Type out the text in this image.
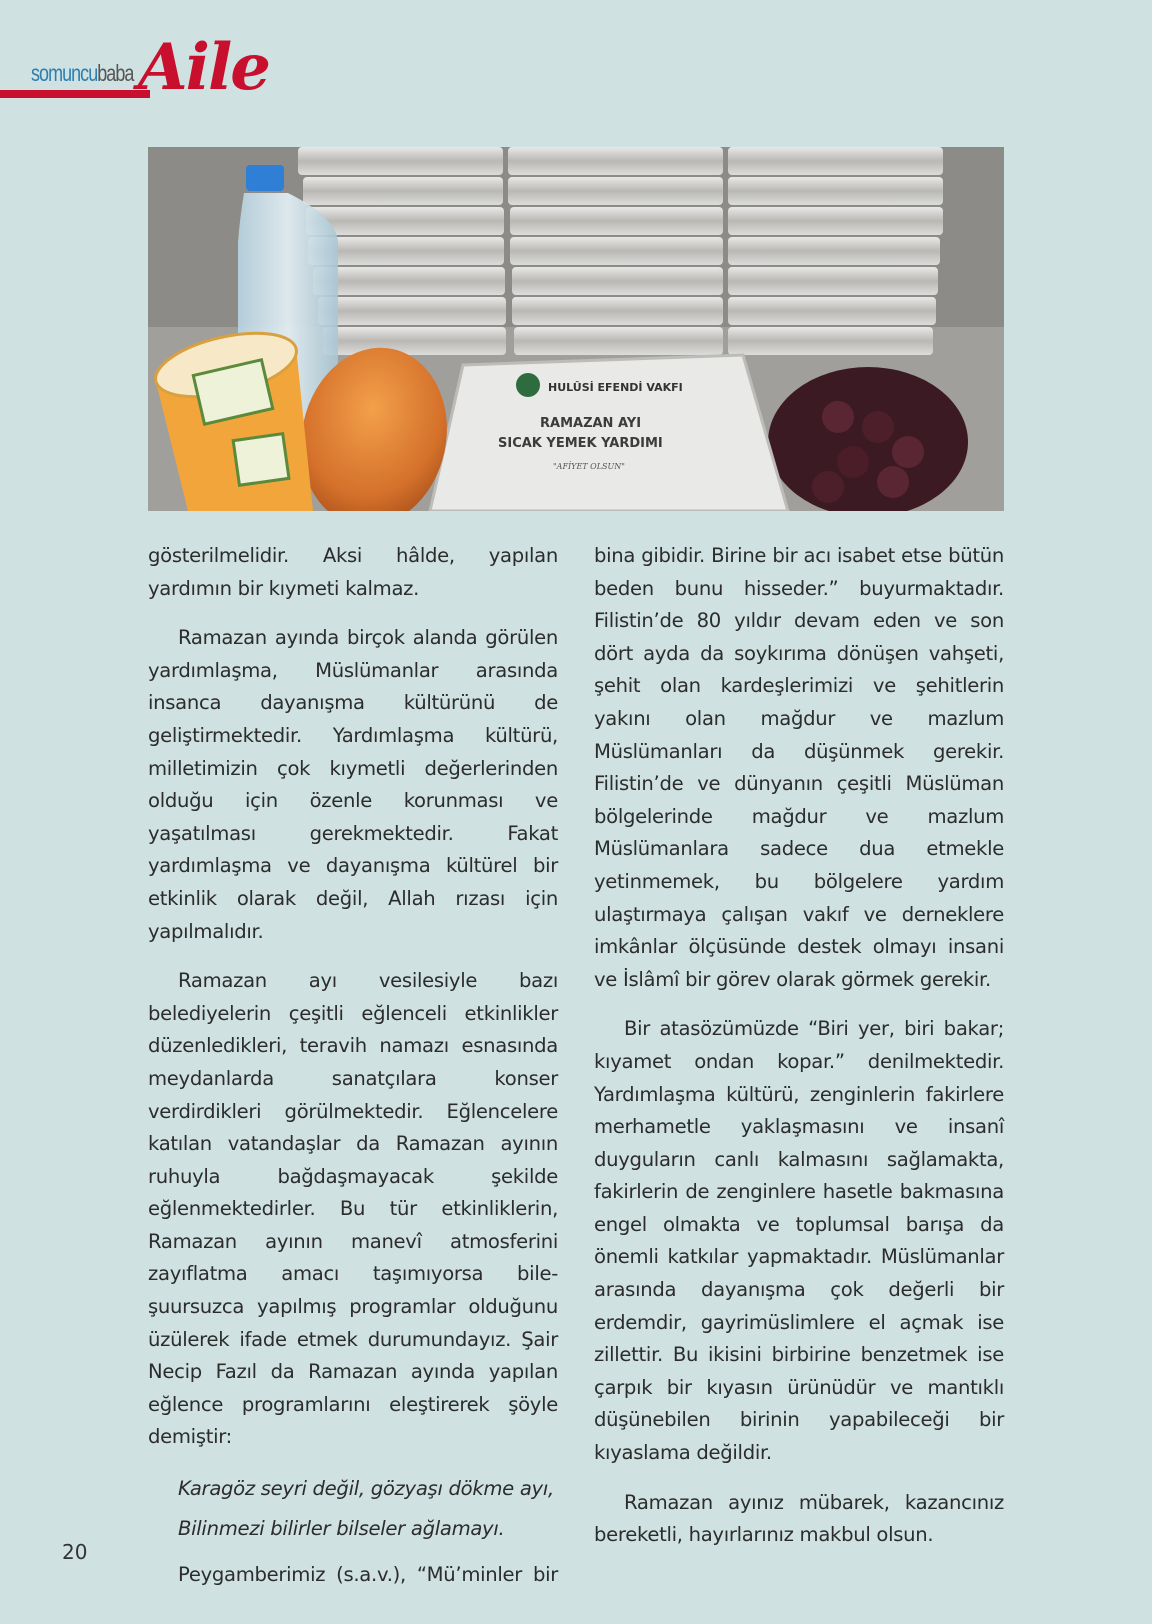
somuncubaba Aile
HULÛSİ EFENDİ VAKFI
RAMAZAN AYI
SICAK YEMEK YARDIMI
"AFİYET OLSUN"

gösterilmelidir. Aksi hâlde, yapılan yardımın bir kıymeti kalmaz.

Ramazan ayında birçok alanda görülen yardımlaşma, Müslümanlar arasında insanca dayanışma kültürünü de geliştirmektedir. Yardımlaşma kültürü, milletimizin çok kıymetli değerlerinden olduğu için özenle korunması ve yaşatılması gerekmektedir. Fakat yardımlaşma ve dayanışma kültürel bir etkinlik olarak değil, Allah rızası için yapılmalıdır.

Ramazan ayı vesilesiyle bazı belediyelerin çeşitli eğlenceli etkinlikler düzenledikleri, teravih namazı esnasında meydanlarda sanatçılara konser verdirdikleri görülmektedir. Eğlencelere katılan vatandaşlar da Ramazan ayının ruhuyla bağdaşmayacak şekilde eğlenmektedirler. Bu tür etkinliklerin, Ramazan ayının manevî atmosferini zayıflatma amacı taşımıyorsa bile- şuursuzca yapılmış programlar olduğunu üzülerek ifade etmek durumundayız. Şair Necip Fazıl da Ramazan ayında yapılan eğlence programlarını eleştirerek şöyle demiştir:

Karagöz seyri değil, gözyaşı dökme ayı,

Bilinmezi bilirler bilseler ağlamayı.

Peygamberimiz (s.a.v.), “Mü’minler bir

bina gibidir. Birine bir acı isabet etse bütün beden bunu hisseder.” buyurmaktadır. Filistin’de 80 yıldır devam eden ve son dört ayda da soykırıma dönüşen vahşeti, şehit olan kardeşlerimizi ve şehitlerin yakını olan mağdur ve mazlum Müslümanları da düşünmek gerekir. Filistin’de ve dünyanın çeşitli Müslüman bölgelerinde mağdur ve mazlum Müslümanlara sadece dua etmekle yetinmemek, bu bölgelere yardım ulaştırmaya çalışan vakıf ve derneklere imkânlar ölçüsünde destek olmayı insani ve İslâmî bir görev olarak görmek gerekir.

Bir atasözümüzde “Biri yer, biri bakar; kıyamet ondan kopar.” denilmektedir. Yardımlaşma kültürü, zenginlerin fakirlere merhametle yaklaşmasını ve insanî duyguların canlı kalmasını sağlamakta, fakirlerin de zenginlere hasetle bakmasına engel olmakta ve toplumsal barışa da önemli katkılar yapmaktadır. Müslümanlar arasında dayanışma çok değerli bir erdemdir, gayrimüslimlere el açmak ise zillettir. Bu ikisini birbirine benzetmek ise çarpık bir kıyasın ürünüdür ve mantıklı düşünebilen birinin yapabileceği bir kıyaslama değildir.

Ramazan ayınız mübarek, kazancınız bereketli, hayırlarınız makbul olsun.

20
